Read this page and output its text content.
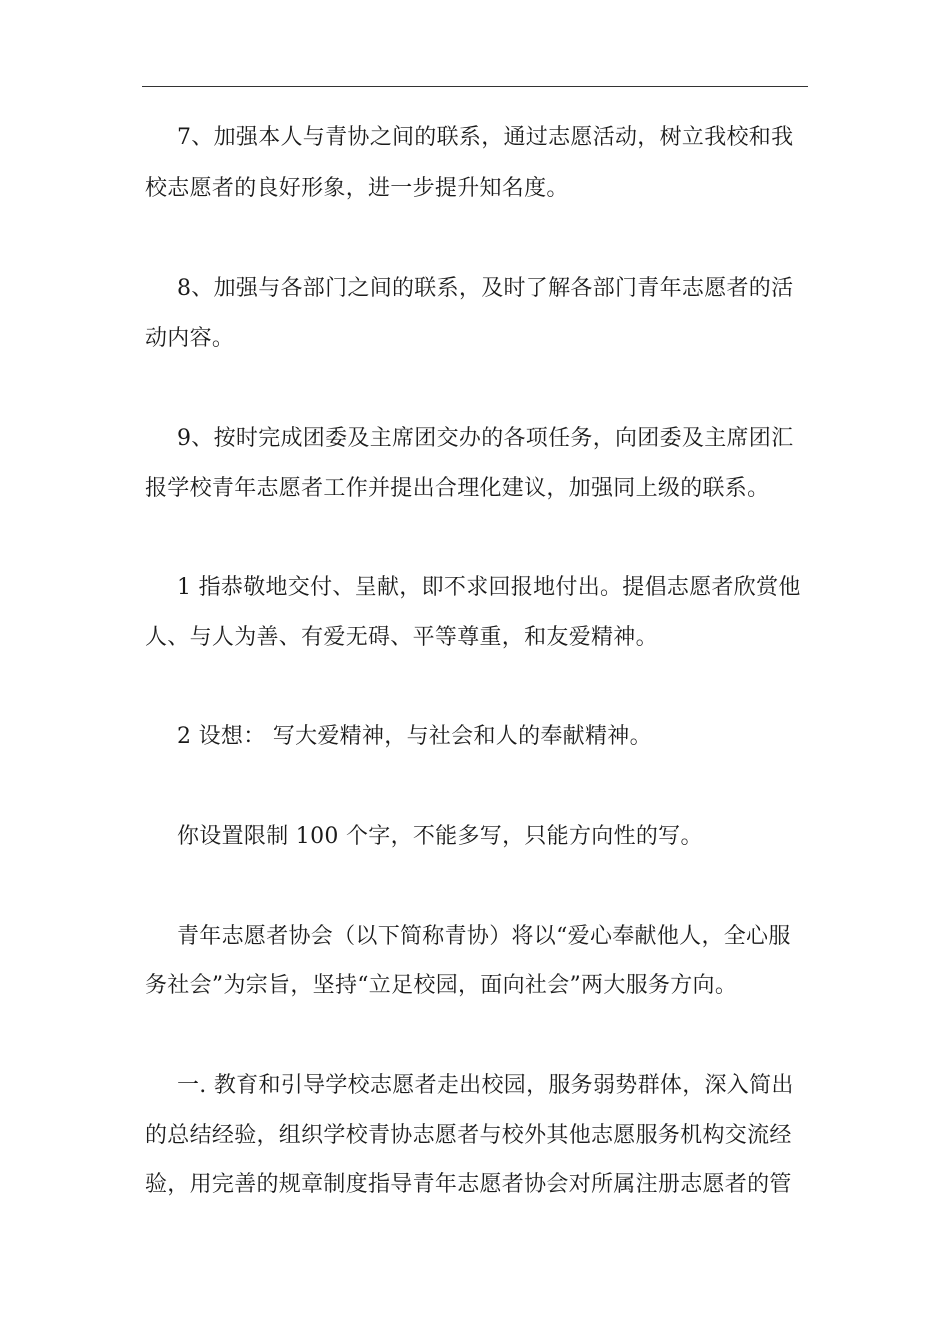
7、加强本人与青协之间的联系，通过志愿活动，树立我校和我
校志愿者的良好形象，进一步提升知名度。
8、加强与各部门之间的联系，及时了解各部门青年志愿者的活
动内容。
9、按时完成团委及主席团交办的各项任务，向团委及主席团汇
报学校青年志愿者工作并提出合理化建议，加强同上级的联系。
1 指恭敬地交付、呈献，即不求回报地付出。提倡志愿者欣赏他
人、与人为善、有爱无碍、平等尊重，和友爱精神。
2 设想： 写大爱精神，与社会和人的奉献精神。
你设置限制 100 个字，不能多写，只能方向性的写。
青年志愿者协会（以下简称青协）将以“爱心奉献他人，全心服
务社会”为宗旨，坚持“立足校园，面向社会”两大服务方向。
一. 教育和引导学校志愿者走出校园，服务弱势群体，深入简出
的总结经验，组织学校青协志愿者与校外其他志愿服务机构交流经
验，用完善的规章制度指导青年志愿者协会对所属注册志愿者的管
